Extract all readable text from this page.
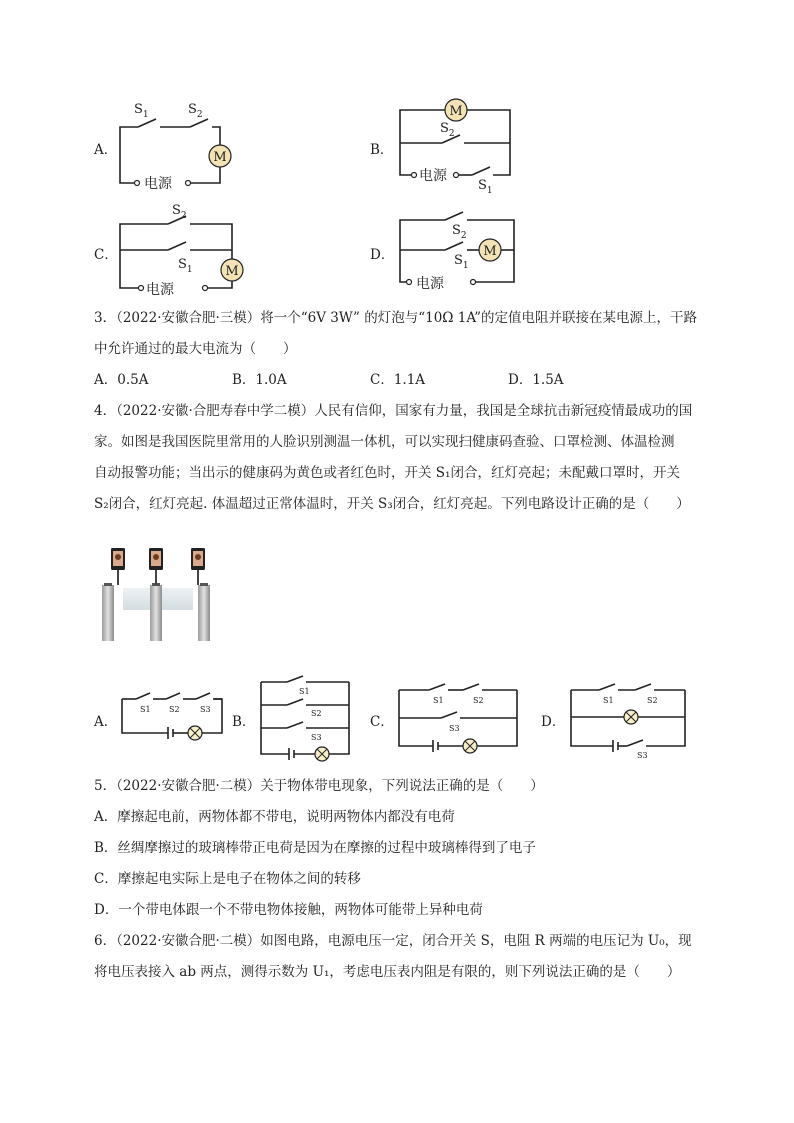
A．	M
电源
$S_1$	$S_2$
B．
M
电源
$S_2$
$S_1$
C．
M
电源
$S_2$
$S_1$
D．	M
电源
$S_2$
$S_1$
3．（2022·安徽合肥·三模）将一个“6V 3W” 的灯泡与“10Ω 1A”的定值电阻并联接在某电源上，干路
中允许通过的最大电流为（　　）
A．0.5A	B．1.0A	C．1.1A	D．1.5A
4．（2022·安徽·合肥寿春中学二模）人民有信仰，国家有力量，我国是全球抗击新冠疫情最成功的国
家。如图是我国医院里常用的人脸识别测温一体机，可以实现扫健康码查验、口罩检测、体温检测
自动报警功能；当出示的健康码为黄色或者红色时，开关 S₁闭合，红灯亮起；未配戴口罩时，开关
S₂闭合，红灯亮起. 体温超过正常体温时，开关 S₃闭合，红灯亮起。下列电路设计正确的是（　　）
A．
S1 S2	S3
B．
S1
S2
S3
C．
S1	S2
S3	D．
S1	S2
S3
5．（2022·安徽合肥·二模）关于物体带电现象，下列说法正确的是（　　）
A．摩擦起电前，两物体都不带电，说明两物体内都没有电荷
B．丝绸摩擦过的玻璃棒带正电荷是因为在摩擦的过程中玻璃棒得到了电子
C．摩擦起电实际上是电子在物体之间的转移
D．一个带电体跟一个不带电物体接触，两物体可能带上异种电荷
6．（2022·安徽合肥·二模）如图电路，电源电压一定，闭合开关 S，电阻 R 两端的电压记为 U₀，现
将电压表接入 ab 两点，测得示数为 U₁，考虑电压表内阻是有限的，则下列说法正确的是（　　）
